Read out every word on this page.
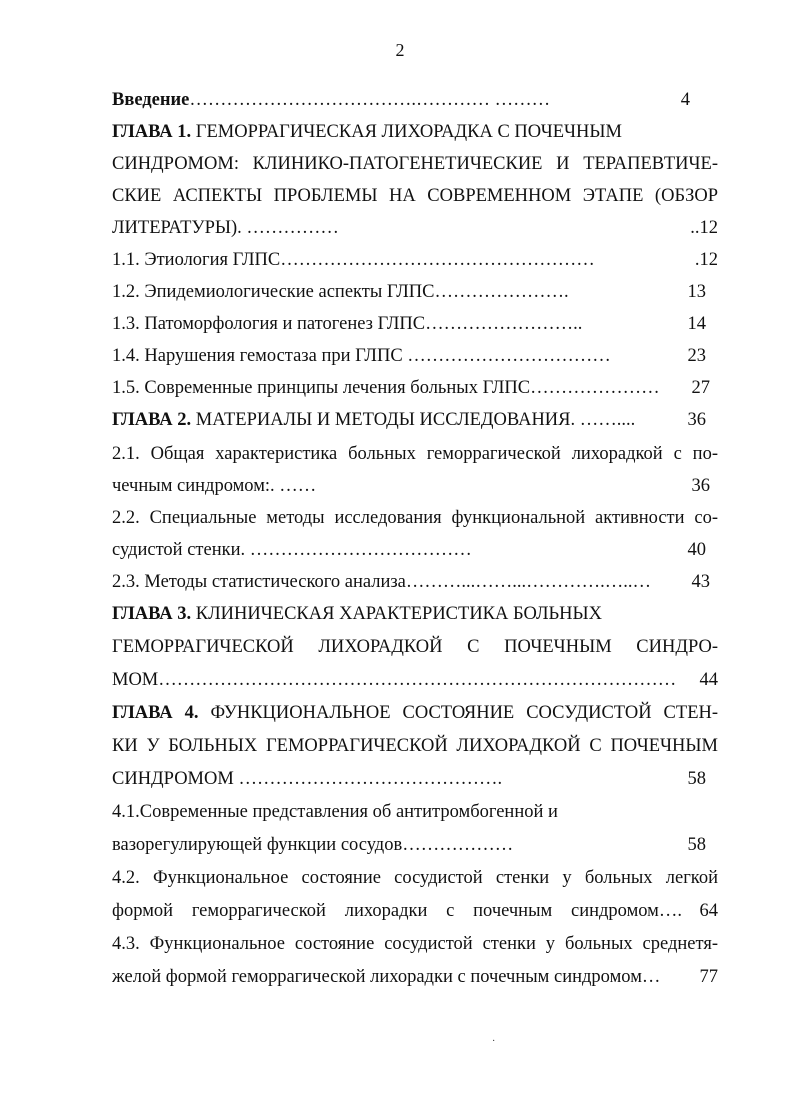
2
Введение……………………………….………… ………	4
ГЛАВА 1. ГЕМОРРАГИЧЕСКАЯ ЛИХОРАДКА С ПОЧЕЧНЫМ
СИНДРОМОМ: КЛИНИКО-ПАТОГЕНЕТИЧЕСКИЕ И ТЕРАПЕВТИЧЕ-
СКИЕ АСПЕКТЫ ПРОБЛЕМЫ НА СОВРЕМЕННОМ ЭТАПЕ (ОБЗОР
ЛИТЕРАТУРЫ). ……………	..12
1.1. Этиология ГЛПС……………………………………………	.12
1.2. Эпидемиологические аспекты ГЛПС………………….	13
1.3. Патоморфология и патогенез ГЛПС……………………..	14
1.4. Нарушения гемостаза при ГЛПС ……………………………	23
1.5. Современные принципы лечения больных ГЛПС………………… 27
ГЛАВА 2. МАТЕРИАЛЫ И МЕТОДЫ ИССЛЕДОВАНИЯ. ……....	36
2.1. Общая характеристика больных геморрагической лихорадкой с по-
чечным синдромом:. ……	36
2.2. Специальные методы исследования функциональной активности со-
судистой стенки. ………………………………	40
2.3. Методы статистического анализа………...……...………….…..… 43
ГЛАВА 3. КЛИНИЧЕСКАЯ ХАРАКТЕРИСТИКА БОЛЬНЫХ
ГЕМОРРАГИЧЕСКОЙ ЛИХОРАДКОЙ С ПОЧЕЧНЫМ СИНДРО-
МОМ………………………………………………………………………… 44
ГЛАВА 4. ФУНКЦИОНАЛЬНОЕ СОСТОЯНИЕ СОСУДИСТОЙ СТЕН-
КИ У БОЛЬНЫХ ГЕМОРРАГИЧЕСКОЙ ЛИХОРАДКОЙ С ПОЧЕЧНЫМ
СИНДРОМОМ …………………………………….	58
4.1.Современные представления об антитромбогенной и
вазорегулирующей функции сосудов………………	58
4.2. Функциональное состояние сосудистой стенки у больных легкой
формой геморрагической лихорадки с почечным синдромом…. 64
4.3. Функциональное состояние сосудистой стенки у больных среднетя-
желой формой геморрагической лихорадки с почечным синдромом… 77
·
